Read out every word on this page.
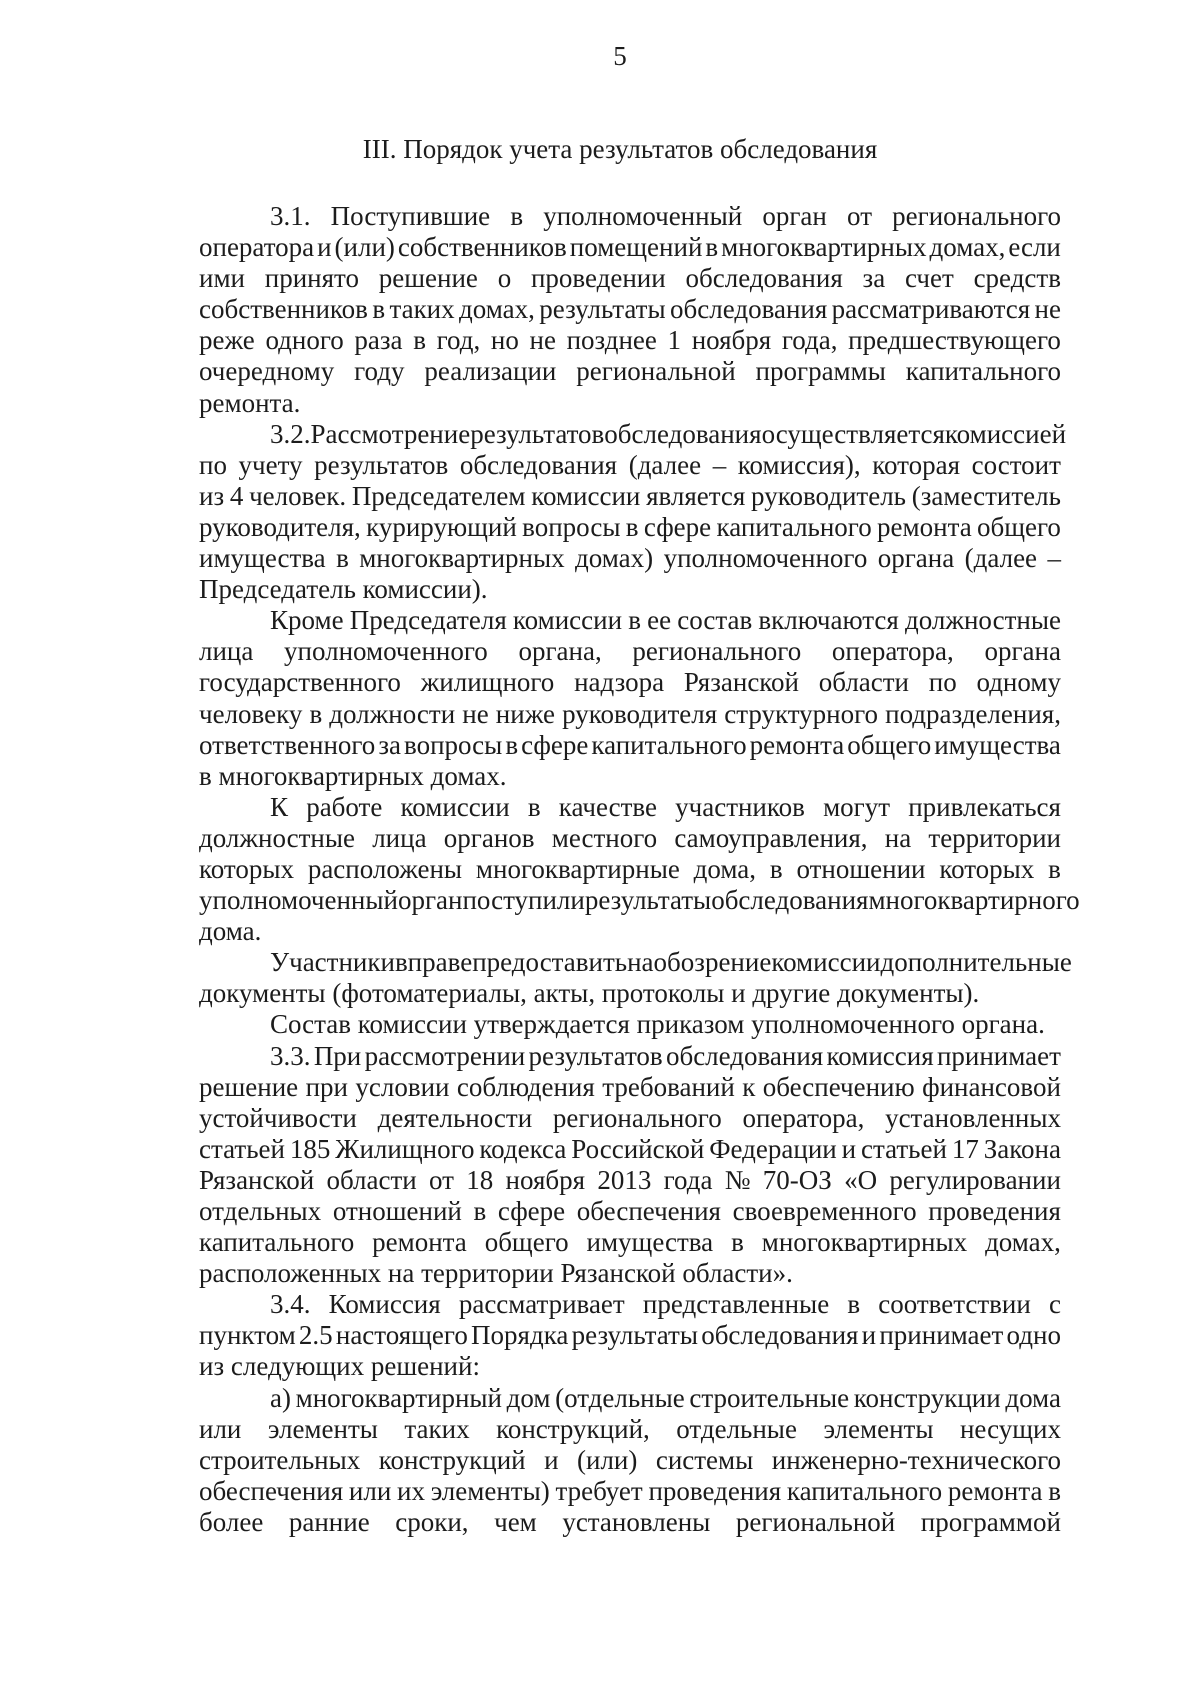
5
III. Порядок учета результатов обследования
3.1. Поступившие в уполномоченный орган от регионального
оператора и (или) собственников помещений в многоквартирных домах, если
ими принято решение о проведении обследования за счет средств
собственников в таких домах, результаты обследования рассматриваются не
реже одного раза в год, но не позднее 1 ноября года, предшествующего
очередному году реализации региональной программы капитального
ремонта.
3.2. Рассмотрение результатов обследования осуществляется комиссией
по учету результатов обследования (далее – комиссия), которая состоит
из 4 человек. Председателем комиссии является руководитель (заместитель
руководителя, курирующий вопросы в сфере капитального ремонта общего
имущества в многоквартирных домах) уполномоченного органа (далее –
Председатель комиссии).
Кроме Председателя комиссии в ее состав включаются должностные
лица уполномоченного органа, регионального оператора, органа
государственного жилищного надзора Рязанской области по одному
человеку в должности не ниже руководителя структурного подразделения,
ответственного за вопросы в сфере капитального ремонта общего имущества
в многоквартирных домах.
К работе комиссии в качестве участников могут привлекаться
должностные лица органов местного самоуправления, на территории
которых расположены многоквартирные дома, в отношении которых в
уполномоченный орган поступили результаты обследования многоквартирного
дома.
Участники вправе предоставить на обозрение комиссии дополнительные
документы (фотоматериалы, акты, протоколы и другие документы).
Состав комиссии утверждается приказом уполномоченного органа.
3.3. При рассмотрении результатов обследования комиссия принимает
решение при условии соблюдения требований к обеспечению финансовой
устойчивости деятельности регионального оператора, установленных
статьей 185 Жилищного кодекса Российской Федерации и статьей 17 Закона
Рязанской области от 18 ноября 2013 года № 70-ОЗ «О регулировании
отдельных отношений в сфере обеспечения своевременного проведения
капитального ремонта общего имущества в многоквартирных домах,
расположенных на территории Рязанской области».
3.4. Комиссия рассматривает представленные в соответствии с
пунктом 2.5 настоящего Порядка результаты обследования и принимает одно
из следующих решений:
а) многоквартирный дом (отдельные строительные конструкции дома
или элементы таких конструкций, отдельные элементы несущих
строительных конструкций и (или) системы инженерно-технического
обеспечения или их элементы) требует проведения капитального ремонта в
более ранние сроки, чем установлены региональной программой
